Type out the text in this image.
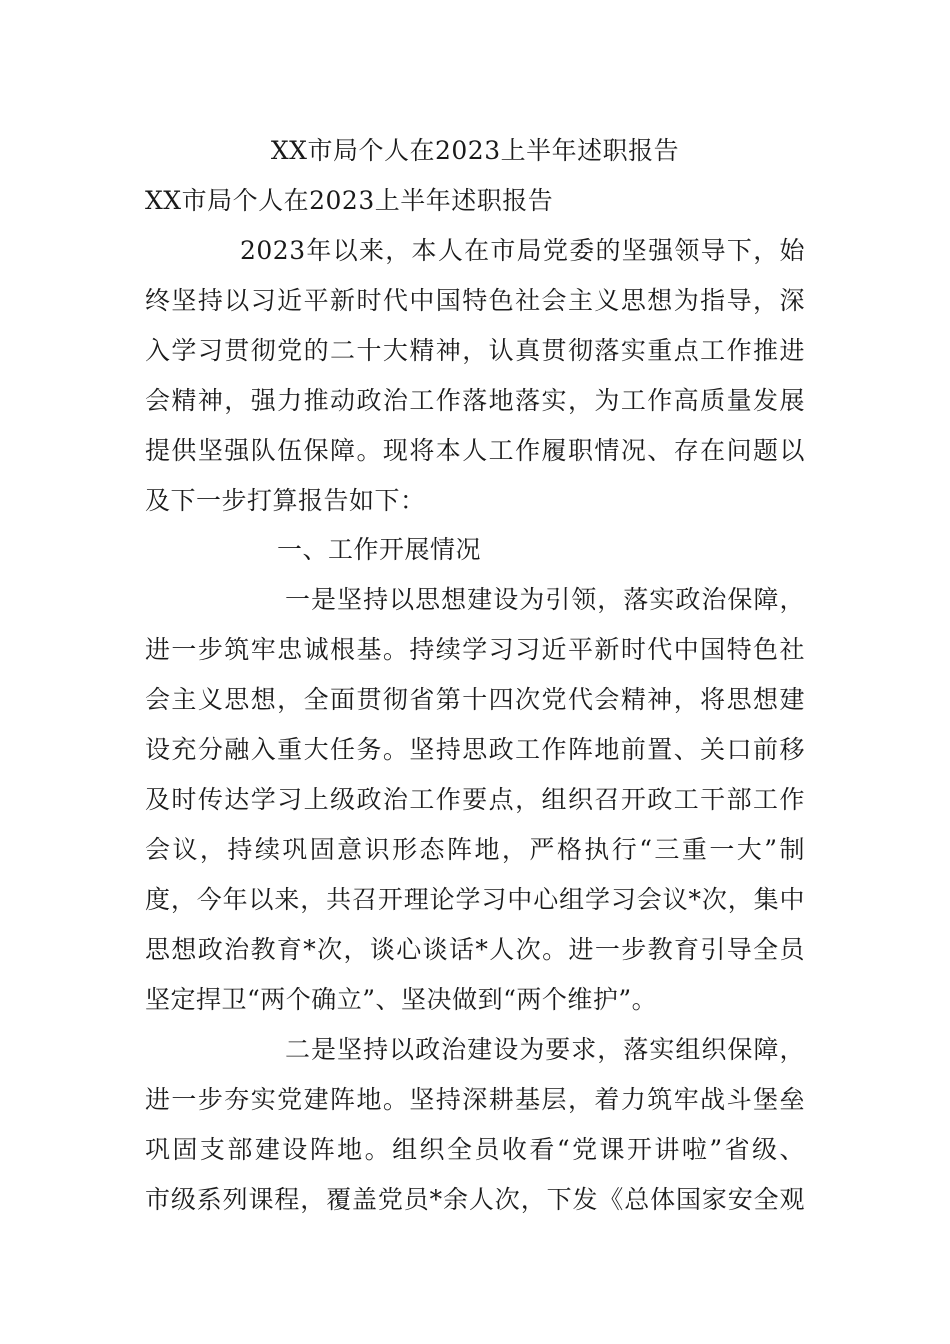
XX市局个人在2023上半年述职报告
XX市局个人在2023上半年述职报告
2023年以来，本人在市局党委的坚强领导下，始
终坚持以习近平新时代中国特色社会主义思想为指导，深
入学习贯彻党的二十大精神，认真贯彻落实重点工作推进
会精神，强力推动政治工作落地落实，为工作高质量发展
提供坚强队伍保障。现将本人工作履职情况、存在问题以
及下一步打算报告如下：
一、工作开展情况
一是坚持以思想建设为引领，落实政治保障，
进一步筑牢忠诚根基。持续学习习近平新时代中国特色社
会主义思想，全面贯彻省第十四次党代会精神，将思想建
设充分融入重大任务。坚持思政工作阵地前置、关口前移
及时传达学习上级政治工作要点，组织召开政工干部工作
会议，持续巩固意识形态阵地，严格执行“三重一大”制
度，今年以来，共召开理论学习中心组学习会议*次，集中
思想政治教育*次，谈心谈话*人次。进一步教育引导全员
坚定捍卫“两个确立”、坚决做到“两个维护”。
二是坚持以政治建设为要求，落实组织保障，
进一步夯实党建阵地。坚持深耕基层，着力筑牢战斗堡垒
巩固支部建设阵地。组织全员收看“党课开讲啦”省级、
市级系列课程，覆盖党员*余人次，下发《总体国家安全观
